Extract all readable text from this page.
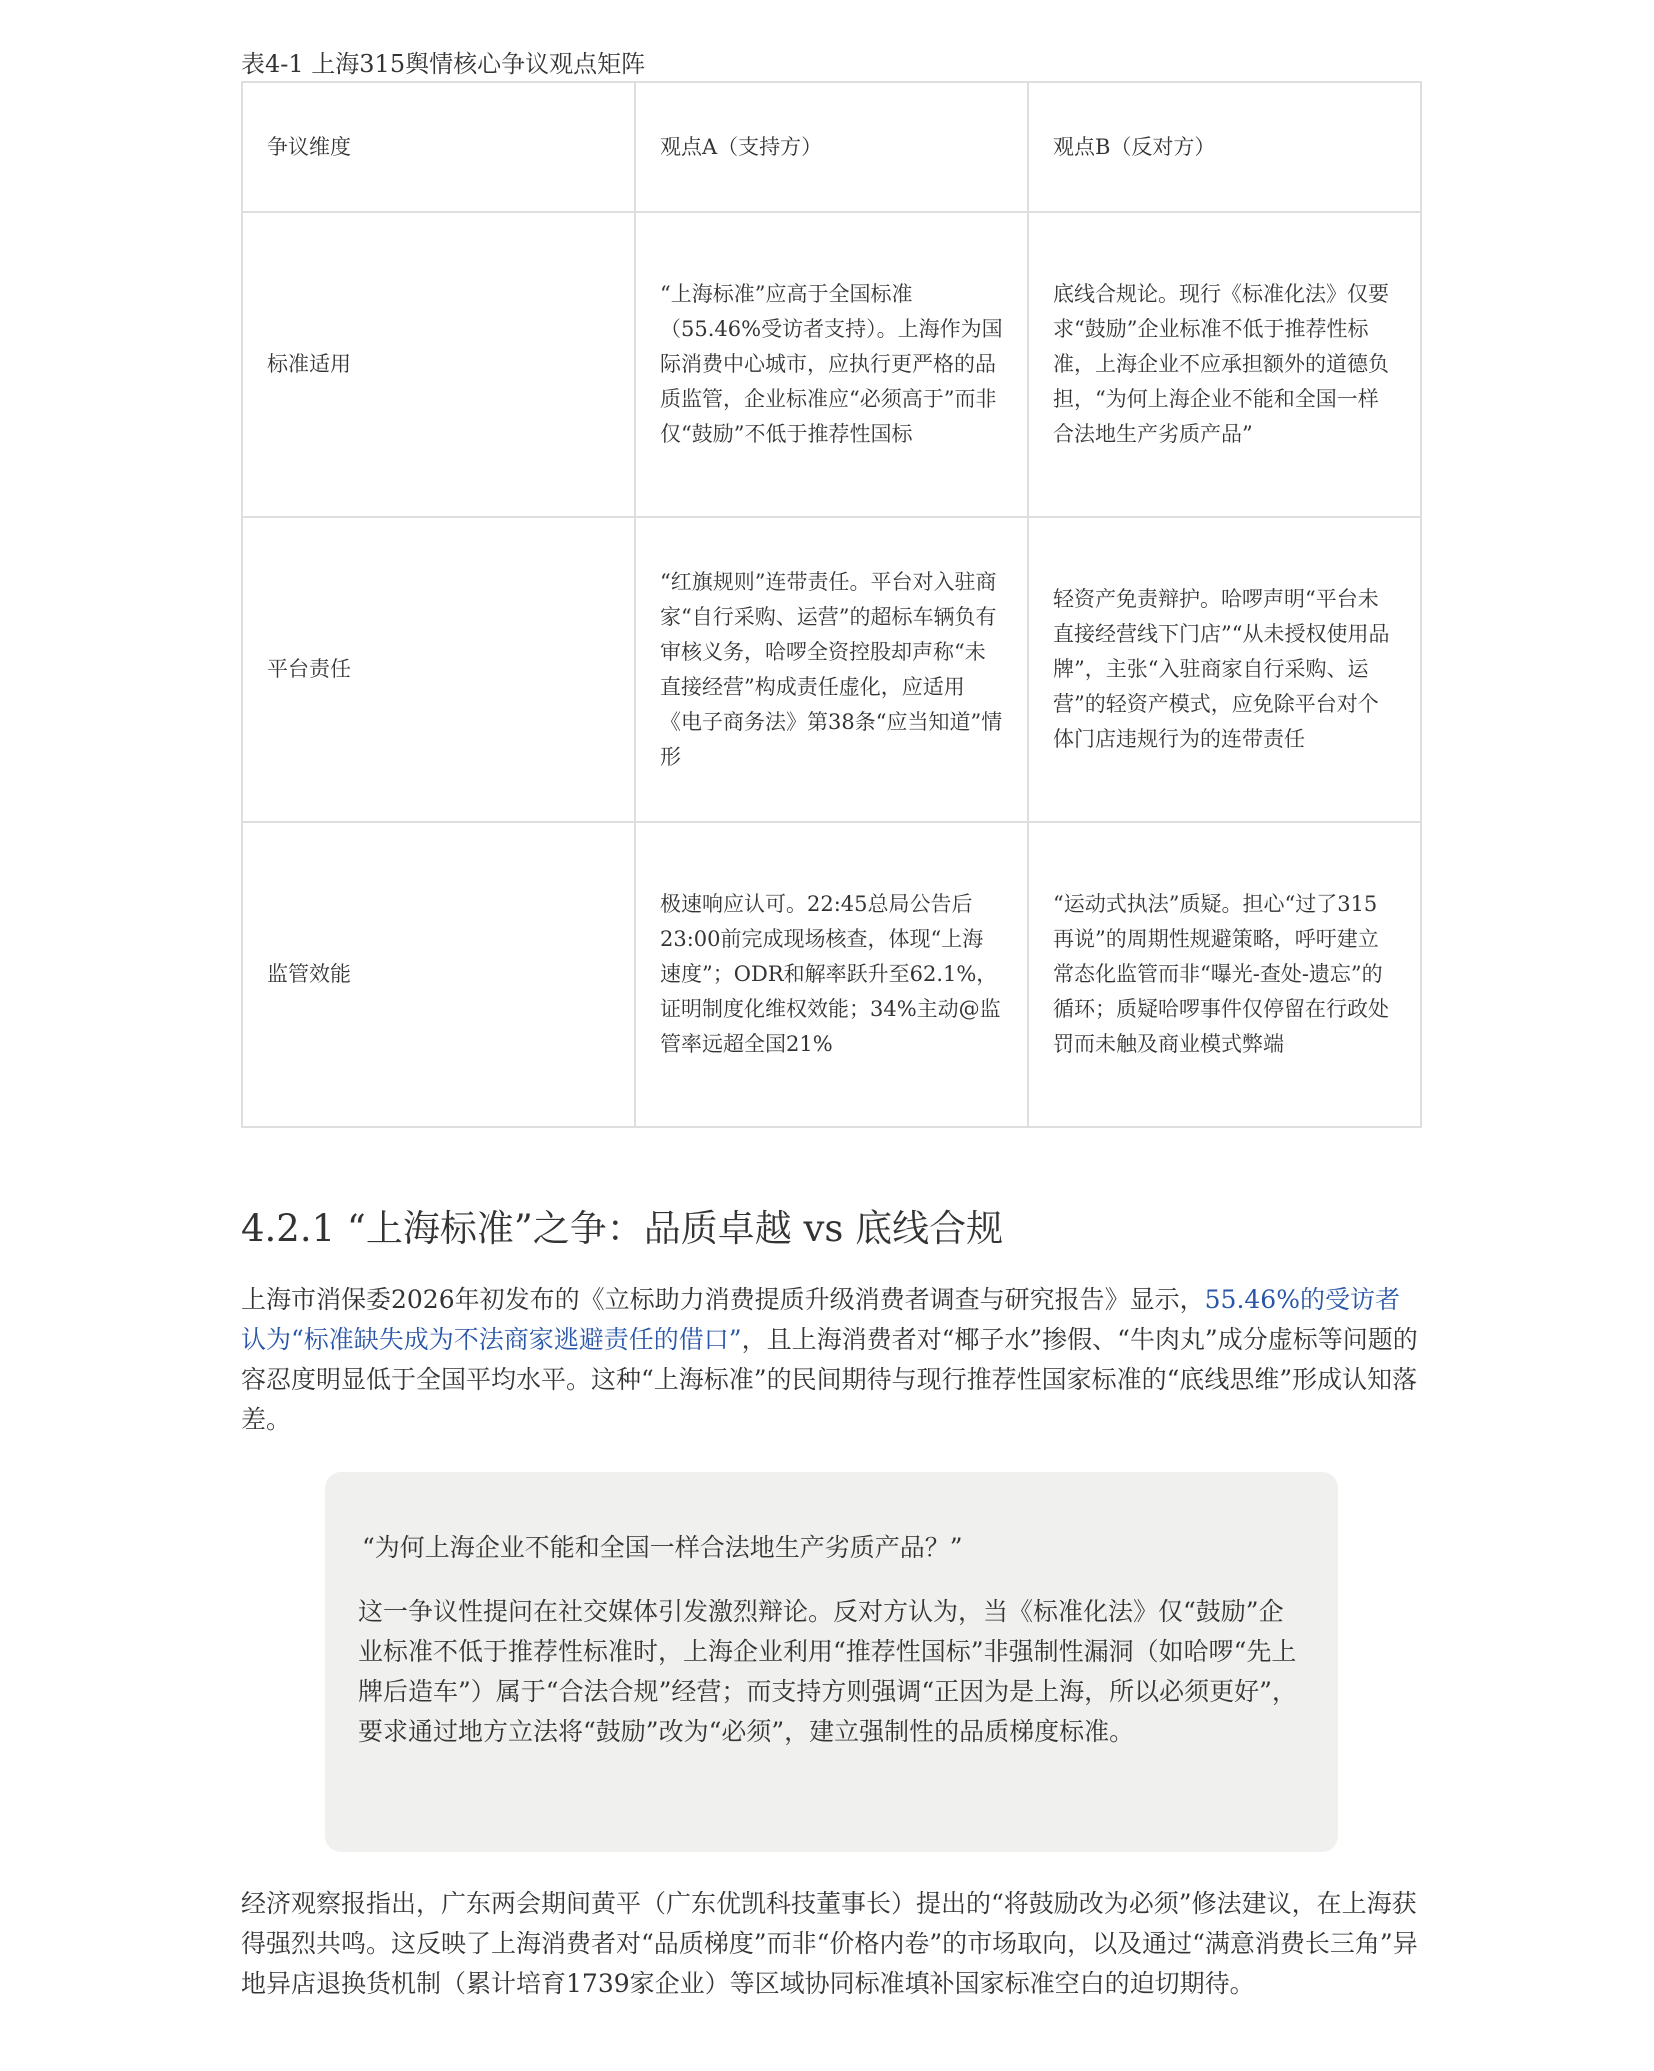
表4-1 上海315舆情核心争议观点矩阵
争议维度	观点A（支持方）	观点B（反对方）
标准适用	“上海标准”应高于全国标准（55.46%受访者支持）。上海作为国际消费中心城市，应执行更严格的品质监管，企业标准应“必须高于”而非仅“鼓励”不低于推荐性国标	底线合规论。现行《标准化法》仅要求“鼓励”企业标准不低于推荐性标准，上海企业不应承担额外的道德负担，“为何上海企业不能和全国一样合法地生产劣质产品”
平台责任	“红旗规则”连带责任。平台对入驻商家“自行采购、运营”的超标车辆负有审核义务，哈啰全资控股却声称“未直接经营”构成责任虚化，应适用《电子商务法》第38条“应当知道”情形	轻资产免责辩护。哈啰声明“平台未直接经营线下门店”“从未授权使用品牌”，主张“入驻商家自行采购、运营”的轻资产模式，应免除平台对个体门店违规行为的连带责任
监管效能	极速响应认可。22:45总局公告后23:00前完成现场核查，体现“上海速度”；ODR和解率跃升至62.1%，证明制度化维权效能；34%主动@监管率远超全国21%	“运动式执法”质疑。担心“过了315再说”的周期性规避策略，呼吁建立常态化监管而非“曝光-查处-遗忘”的循环；质疑哈啰事件仅停留在行政处罚而未触及商业模式弊端
4.2.1 “上海标准”之争：品质卓越 vs 底线合规

上海市消保委2026年初发布的《立标助力消费提质升级消费者调查与研究报告》显示，55.46%的受访者认为“标准缺失成为不法商家逃避责任的借口”，且上海消费者对“椰子水”掺假、“牛肉丸”成分虚标等问题的容忍度明显低于全国平均水平。这种“上海标准”的民间期待与现行推荐性国家标准的“底线思维”形成认知落差。

“为何上海企业不能和全国一样合法地生产劣质产品？”

这一争议性提问在社交媒体引发激烈辩论。反对方认为，当《标准化法》仅“鼓励”企业标准不低于推荐性标准时，上海企业利用“推荐性国标”非强制性漏洞（如哈啰“先上牌后造车”）属于“合法合规”经营；而支持方则强调“正因为是上海，所以必须更好”，要求通过地方立法将“鼓励”改为“必须”，建立强制性的品质梯度标准。

经济观察报指出，广东两会期间黄平（广东优凯科技董事长）提出的“将鼓励改为必须”修法建议，在上海获得强烈共鸣。这反映了上海消费者对“品质梯度”而非“价格内卷”的市场取向，以及通过“满意消费长三角”异地异店退换货机制（累计培育1739家企业）等区域协同标准填补国家标准空白的迫切期待。
